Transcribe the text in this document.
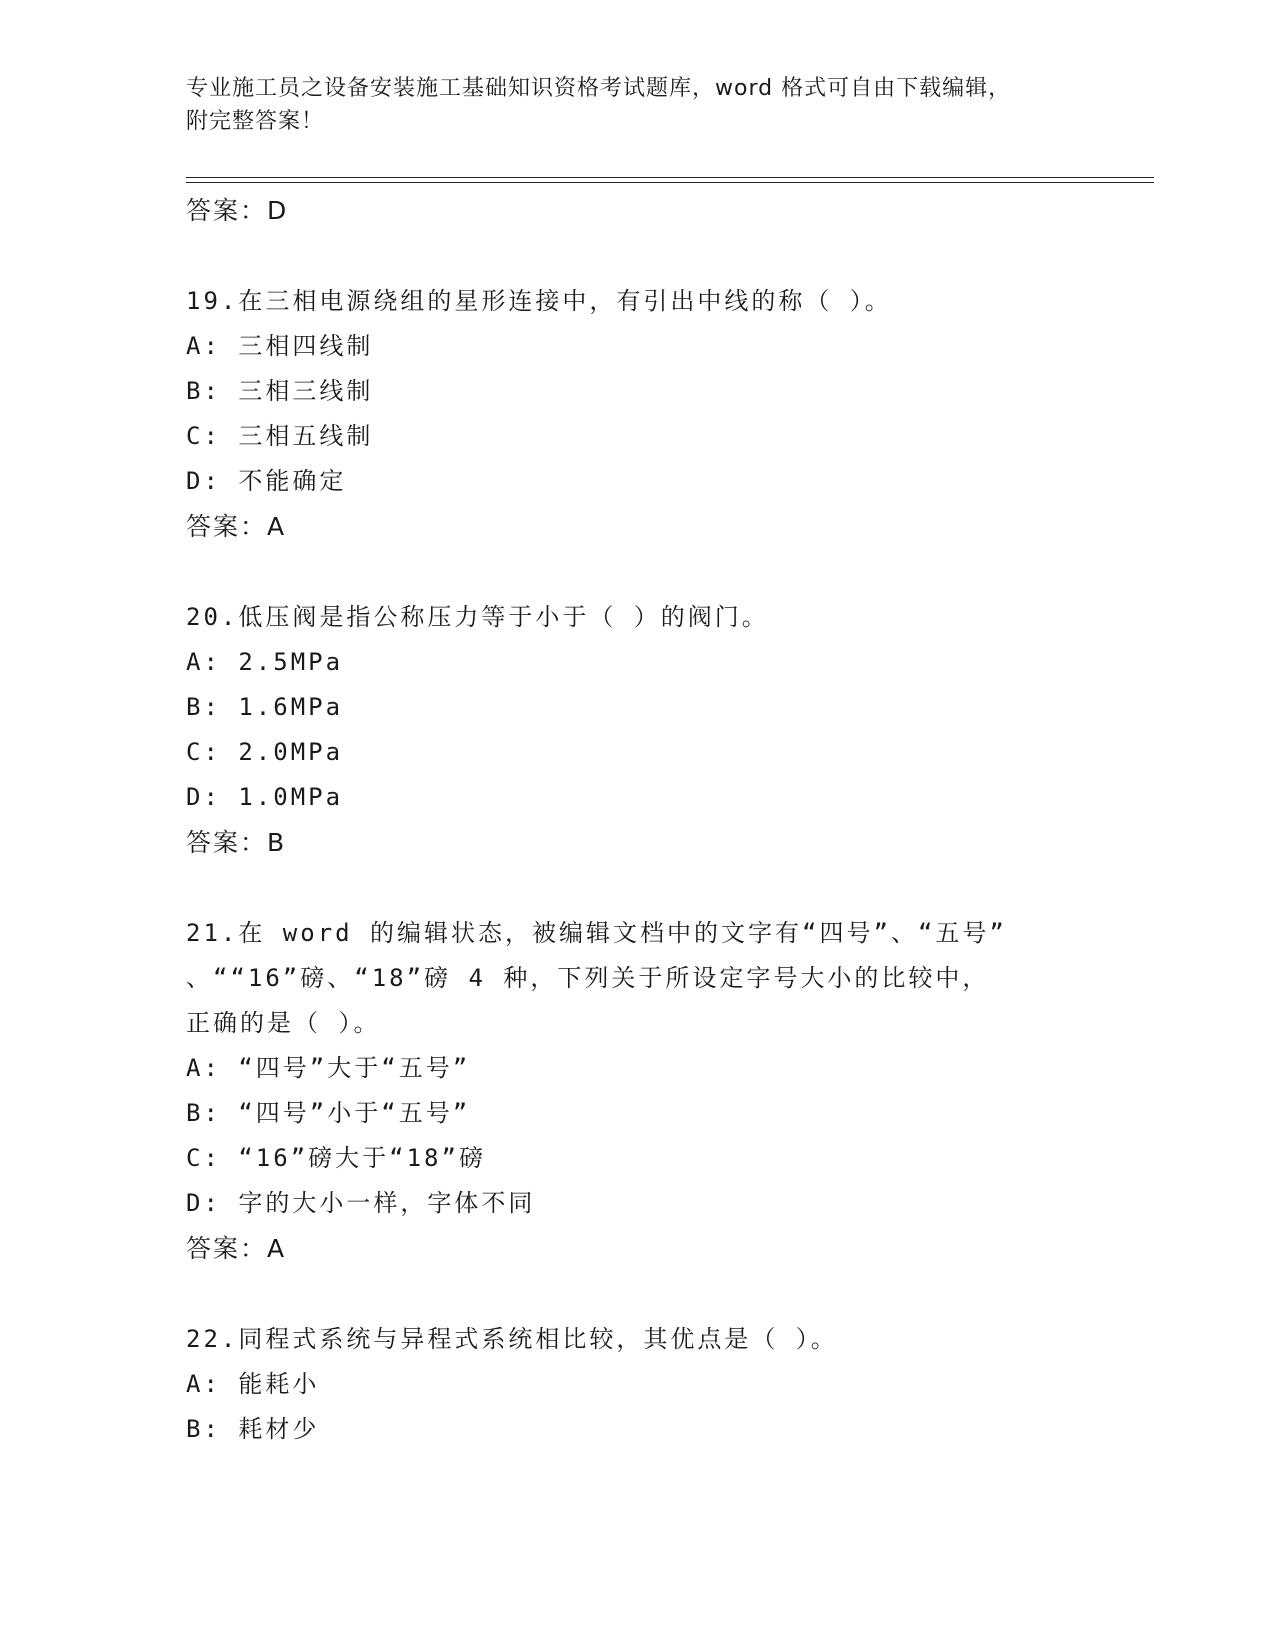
专业施工员之设备安装施工基础知识资格考试题库，word 格式可自由下载编辑，
附完整答案！
答案：D
19.在三相电源绕组的星形连接中，有引出中线的称（ ）。
A: 三相四线制
B: 三相三线制
C: 三相五线制
D: 不能确定
答案：A
20.低压阀是指公称压力等于小于（ ）的阀门。
A: 2.5MPa
B: 1.6MPa
C: 2.0MPa
D: 1.0MPa
答案：B
21.在 word 的编辑状态，被编辑文档中的文字有“四号”、“五号”
、““16”磅、“18”磅 4 种，下列关于所设定字号大小的比较中，
正确的是（ ）。
A: “四号”大于“五号”
B: “四号”小于“五号”
C: “16”磅大于“18”磅
D: 字的大小一样，字体不同
答案：A
22.同程式系统与异程式系统相比较，其优点是（ ）。
A: 能耗小
B: 耗材少
